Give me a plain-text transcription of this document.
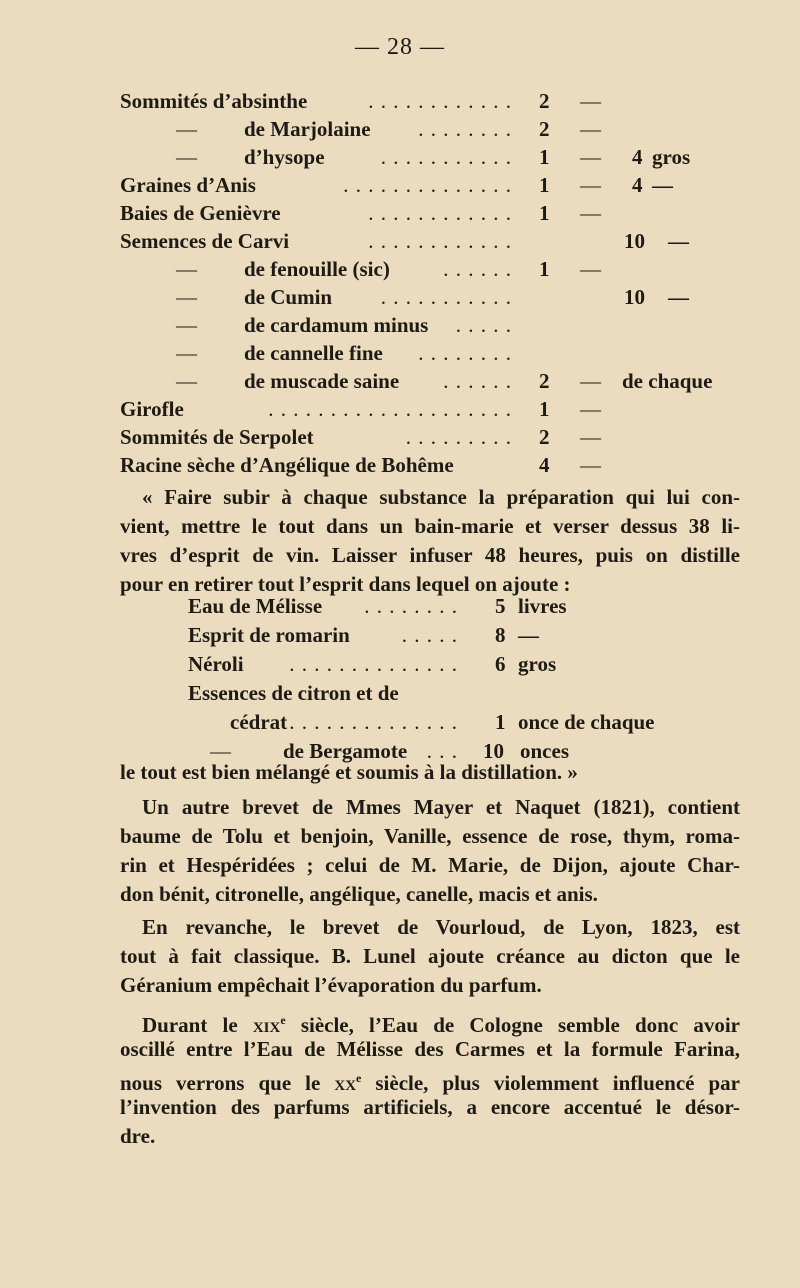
— 28 —
Sommités d’absinthe	. . . . . . . . . . . . 2 —
— de Marjolaine . . . . . . . . 2 —
— d’hysope	. . . . . . . . . . . 1 — 4 gros
Graines d’Anis	. . . . . . . . . . . . . . 1 — 4 —
Baies de Genièvre	. . . . . . . . . . . . 1 —
Semences de Carvi	. . . . . . . . . . . .	10 —
— de fenouille (sic)	. . . . . . 1 —
— de Cumin . . . . . . . . . . .	10 —
— de cardamum minus . . . . .
— de cannelle fine . . . . . . . .
— de muscade saine . . . . . . 2 — de chaque
Girofle	. . . . . . . . . . . . . . . . . . . . 1 —
Sommités de Serpolet	. . . . . . . . . 2 —
Racine sèche d’Angélique de Bohême	4 —
« Faire subir à chaque substance la préparation qui lui con-
vient, mettre le tout dans un bain-marie et verser dessus 38 li-
vres d’esprit de vin. Laisser infuser 48 heures, puis on distille
pour en retirer tout l’esprit dans lequel on ajoute :
Eau de Mélisse . . . . . . . . 5 livres
Esprit de romarin . . . . . 8 —
Néroli . . . . . . . . . . . . . . 6 gros
Essences de citron et de
cédrat . . . . . . . . . . . . . . 1 once de chaque
— de Bergamote . . . 10 onces
le tout est bien mélangé et soumis à la distillation. »
Un autre brevet de Mmes Mayer et Naquet (1821), contient
baume de Tolu et benjoin, Vanille, essence de rose, thym, roma-
rin et Hespéridées ; celui de M. Marie, de Dijon, ajoute Char-
don bénit, citronelle, angélique, canelle, macis et anis.
En revanche, le brevet de Vourloud, de Lyon, 1823, est
tout à fait classique. B. Lunel ajoute créance au dicton que le
Géranium empêchait l’évaporation du parfum.
Durant le xix$^e$ siècle, l’Eau de Cologne semble donc avoir
oscillé entre l’Eau de Mélisse des Carmes et la formule Farina,
nous verrons que le $xx^e$ siècle, plus violemment influencé par
l’invention des parfums artificiels, a encore accentué le désor-
dre.
